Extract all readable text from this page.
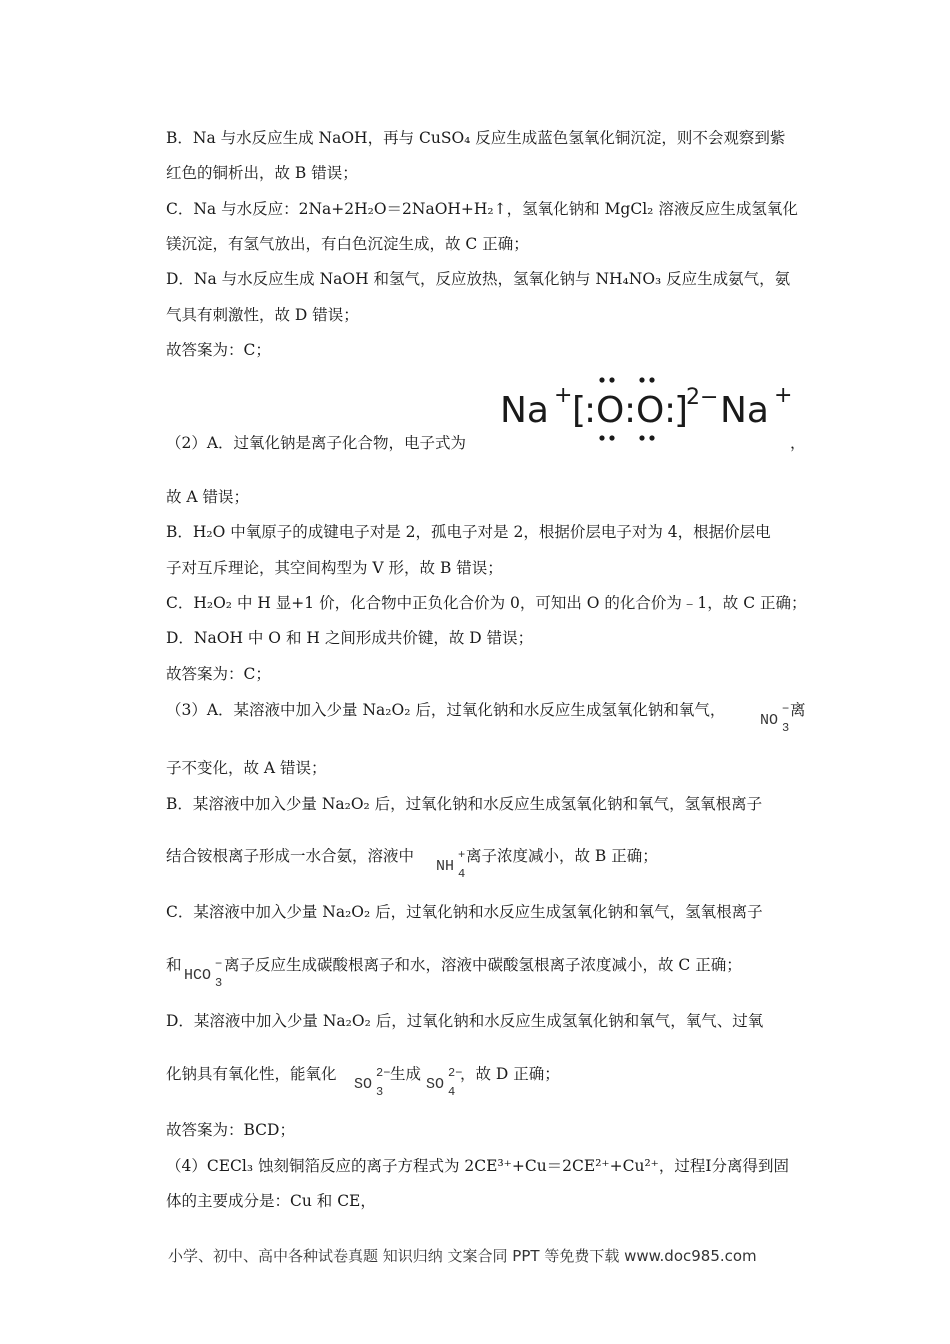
B．Na 与水反应生成 NaOH，再与 CuSO₄ 反应生成蓝色氢氧化铜沉淀，则不会观察到紫
红色的铜析出，故 B 错误；
C．Na 与水反应：2Na+2H₂O＝2NaOH+H₂↑，氢氧化钠和 MgCl₂ 溶液反应生成氢氧化
镁沉淀，有氢气放出，有白色沉淀生成，故 C 正确；
D．Na 与水反应生成 NaOH 和氢气，反应放热，氢氧化钠与 NH₄NO₃ 反应生成氨气，氨
气具有刺激性，故 D 错误；
故答案为：C；
Na + [
: O : O :
]
2− Na +
（2）A．过氧化钠是离子化合物，电子式为	，
故 A 错误；
B．H₂O 中氧原子的成键电子对是 2，孤电子对是 2，根据价层电子对为 4，根据价层电
子对互斥理论，其空间构型为 V 形，故 B 错误；
C．H₂O₂ 中 H 显+1 价，化合物中正负化合价为 0，可知出 O 的化合价为﹣1，故 C 正确；
D．NaOH 中 O 和 H 之间形成共价键，故 D 错误；
故答案为：C；
（3）A．某溶液中加入少量 Na₂O₂ 后，过氧化钠和水反应生成氢氧化钠和氧气，
NO
−
3
离
子不变化，故 A 错误；
B．某溶液中加入少量 Na₂O₂ 后，过氧化钠和水反应生成氢氧化钠和氧气，氢氧根离子
结合铵根离子形成一水合氨，溶液中
NH
+
4
离子浓度减小，故 B 正确；
C．某溶液中加入少量 Na₂O₂ 后，过氧化钠和水反应生成氢氧化钠和氧气，氢氧根离子
和
HCO
−
3
离子反应生成碳酸根离子和水，溶液中碳酸氢根离子浓度减小，故 C 正确；
D．某溶液中加入少量 Na₂O₂ 后，过氧化钠和水反应生成氢氧化钠和氧气，氧气、过氧
化钠具有氧化性，能氧化
SO
2−
3
生成
SO
2−
4
，故 D 正确；
故答案为：BCD；
（4）CECl₃ 蚀刻铜箔反应的离子方程式为 2CE³⁺+Cu＝2CE²⁺+Cu²⁺，过程Ⅰ分离得到固
体的主要成分是：Cu 和 CE，
小学、初中、高中各种试卷真题 知识归纳 文案合同 PPT 等免费下载 www.doc985.com
